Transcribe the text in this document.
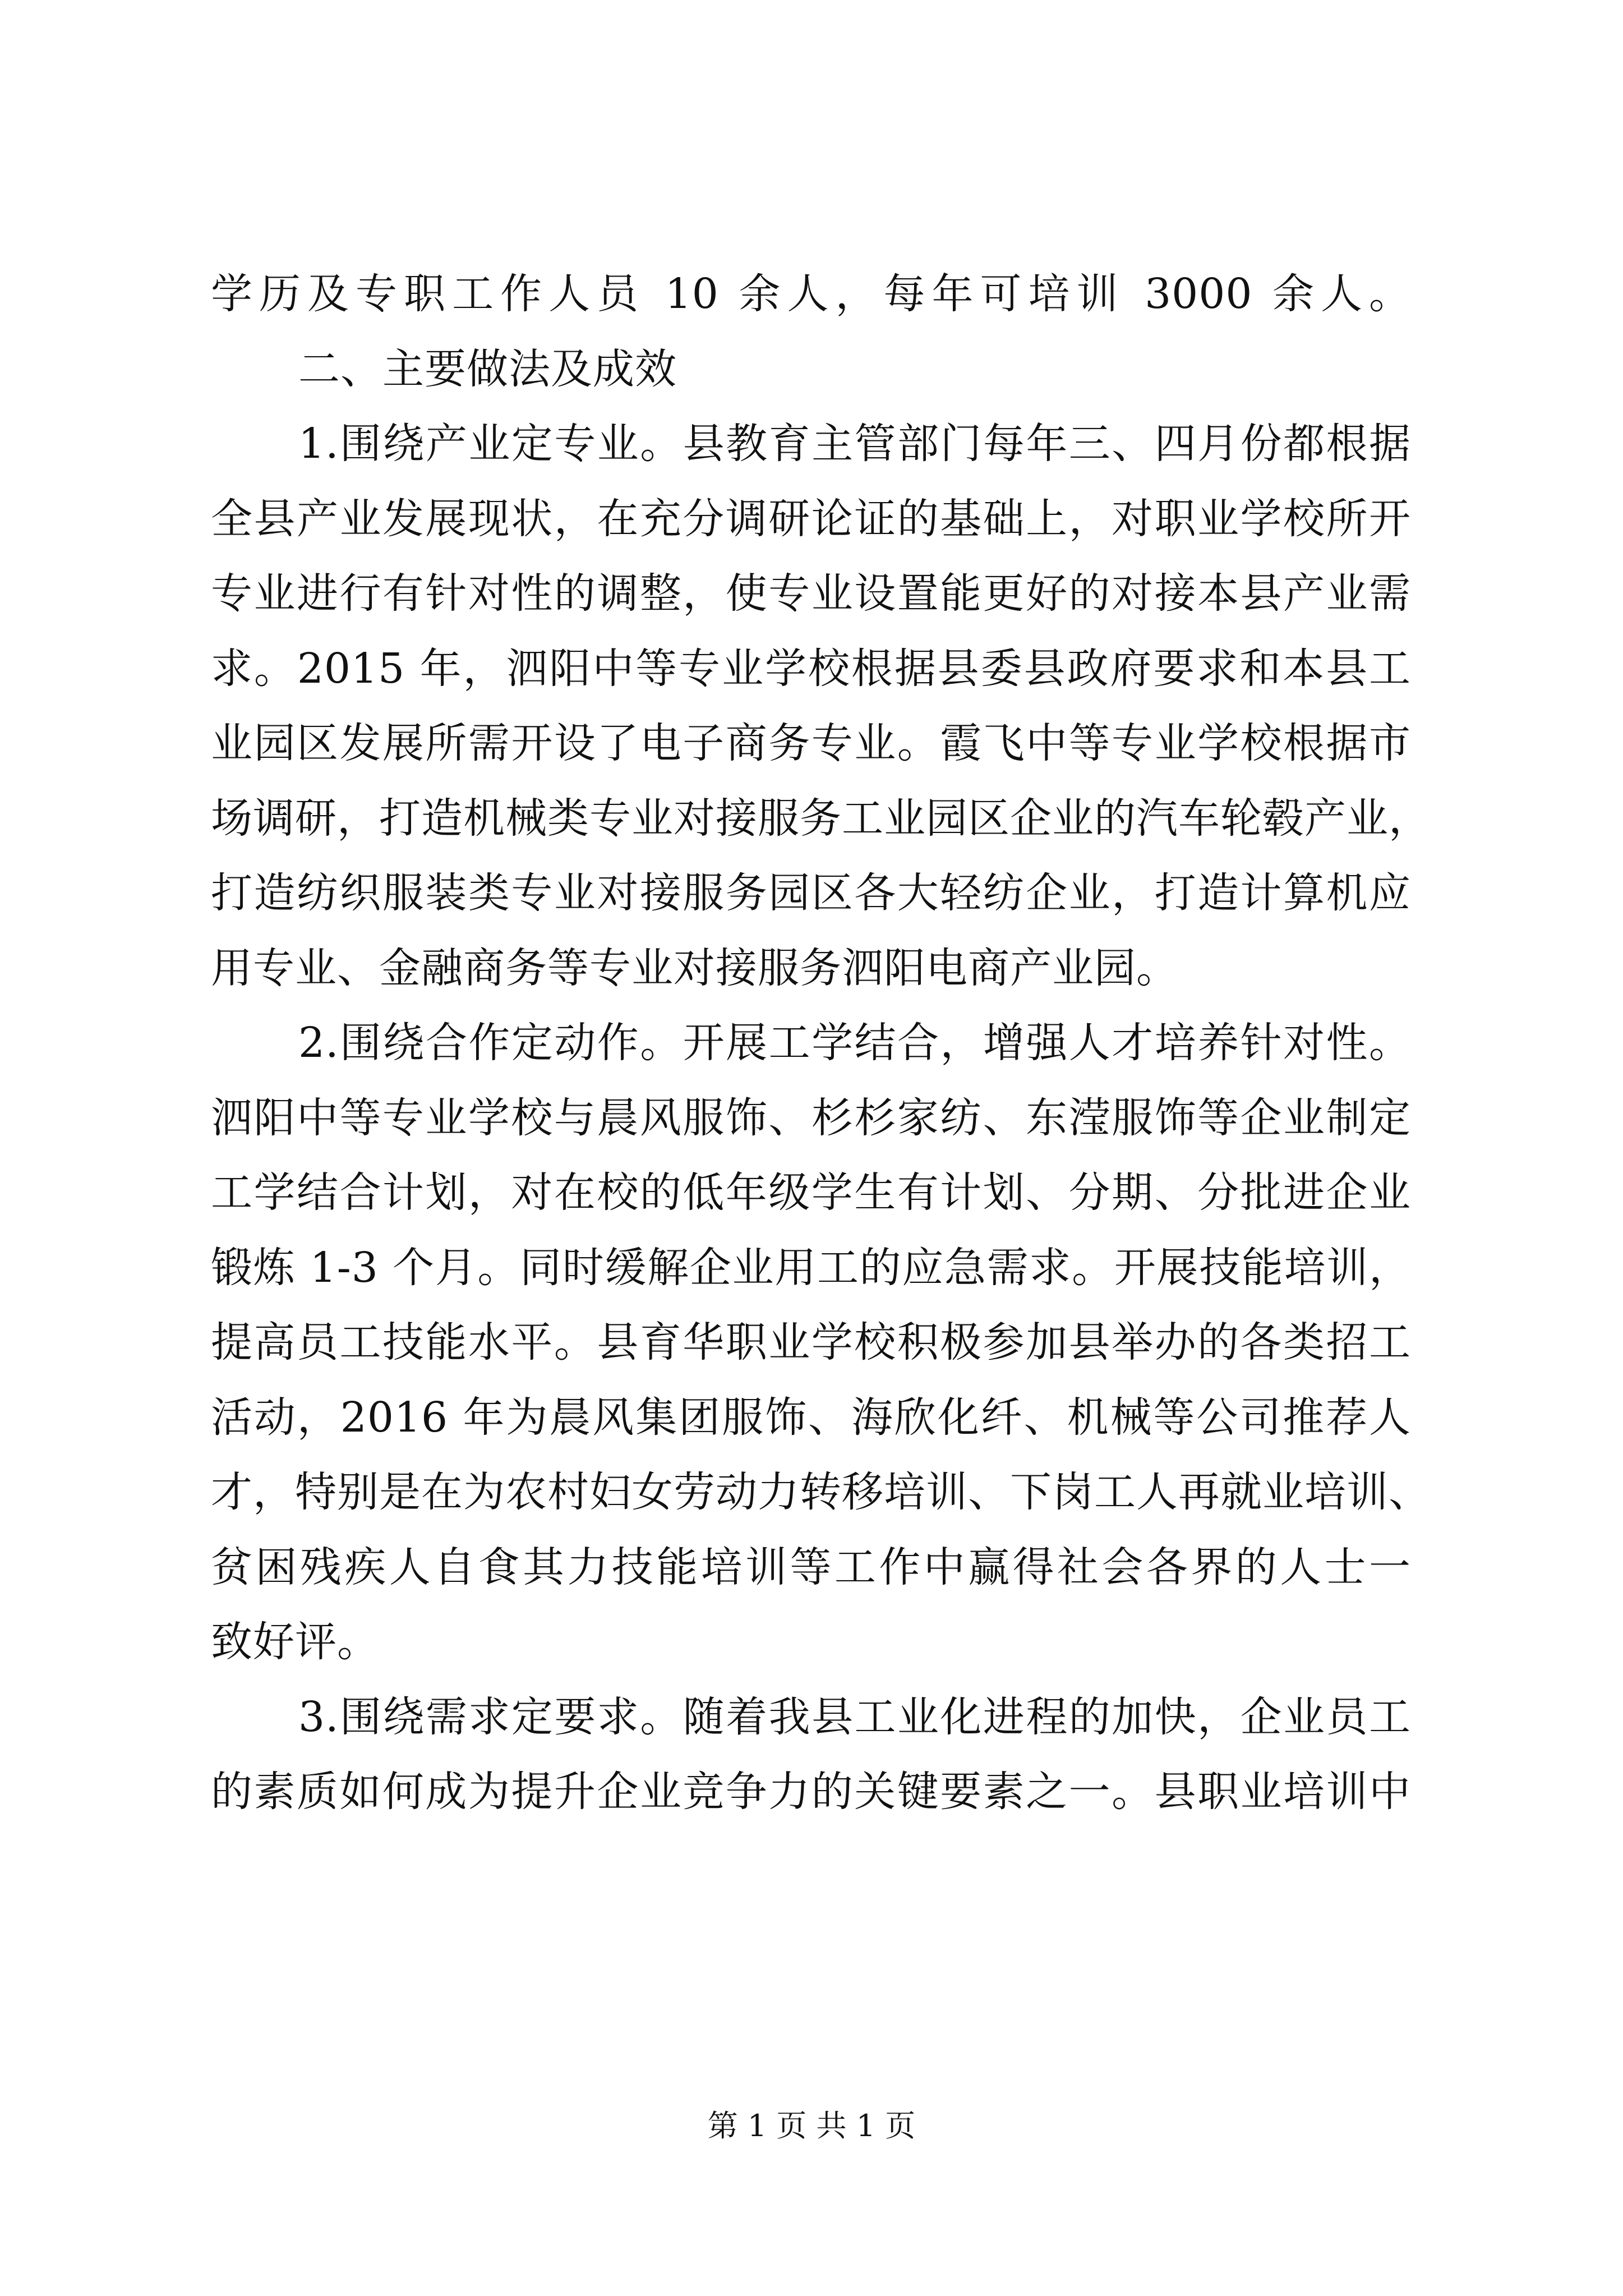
学历及专职工作人员 10 余人，每年可培训 3000 余人。
二、主要做法及成效
1.围绕产业定专业。县教育主管部门每年三、四月份都根据
全县产业发展现状，在充分调研论证的基础上，对职业学校所开
专业进行有针对性的调整，使专业设置能更好的对接本县产业需
求。2015 年，泗阳中等专业学校根据县委县政府要求和本县工
业园区发展所需开设了电子商务专业。霞飞中等专业学校根据市
场调研，打造机械类专业对接服务工业园区企业的汽车轮毂产业，
打造纺织服装类专业对接服务园区各大轻纺企业，打造计算机应
用专业、金融商务等专业对接服务泗阳电商产业园。
2.围绕合作定动作。开展工学结合，增强人才培养针对性。
泗阳中等专业学校与晨风服饰、杉杉家纺、东滢服饰等企业制定
工学结合计划，对在校的低年级学生有计划、分期、分批进企业
锻炼 1-3 个月。同时缓解企业用工的应急需求。开展技能培训，
提高员工技能水平。县育华职业学校积极参加县举办的各类招工
活动，2016 年为晨风集团服饰、海欣化纤、机械等公司推荐人
才，特别是在为农村妇女劳动力转移培训、下岗工人再就业培训、
贫困残疾人自食其力技能培训等工作中赢得社会各界的人士一
致好评。
3.围绕需求定要求。随着我县工业化进程的加快，企业员工
的素质如何成为提升企业竞争力的关键要素之一。县职业培训中
第 1 页 共 1 页
